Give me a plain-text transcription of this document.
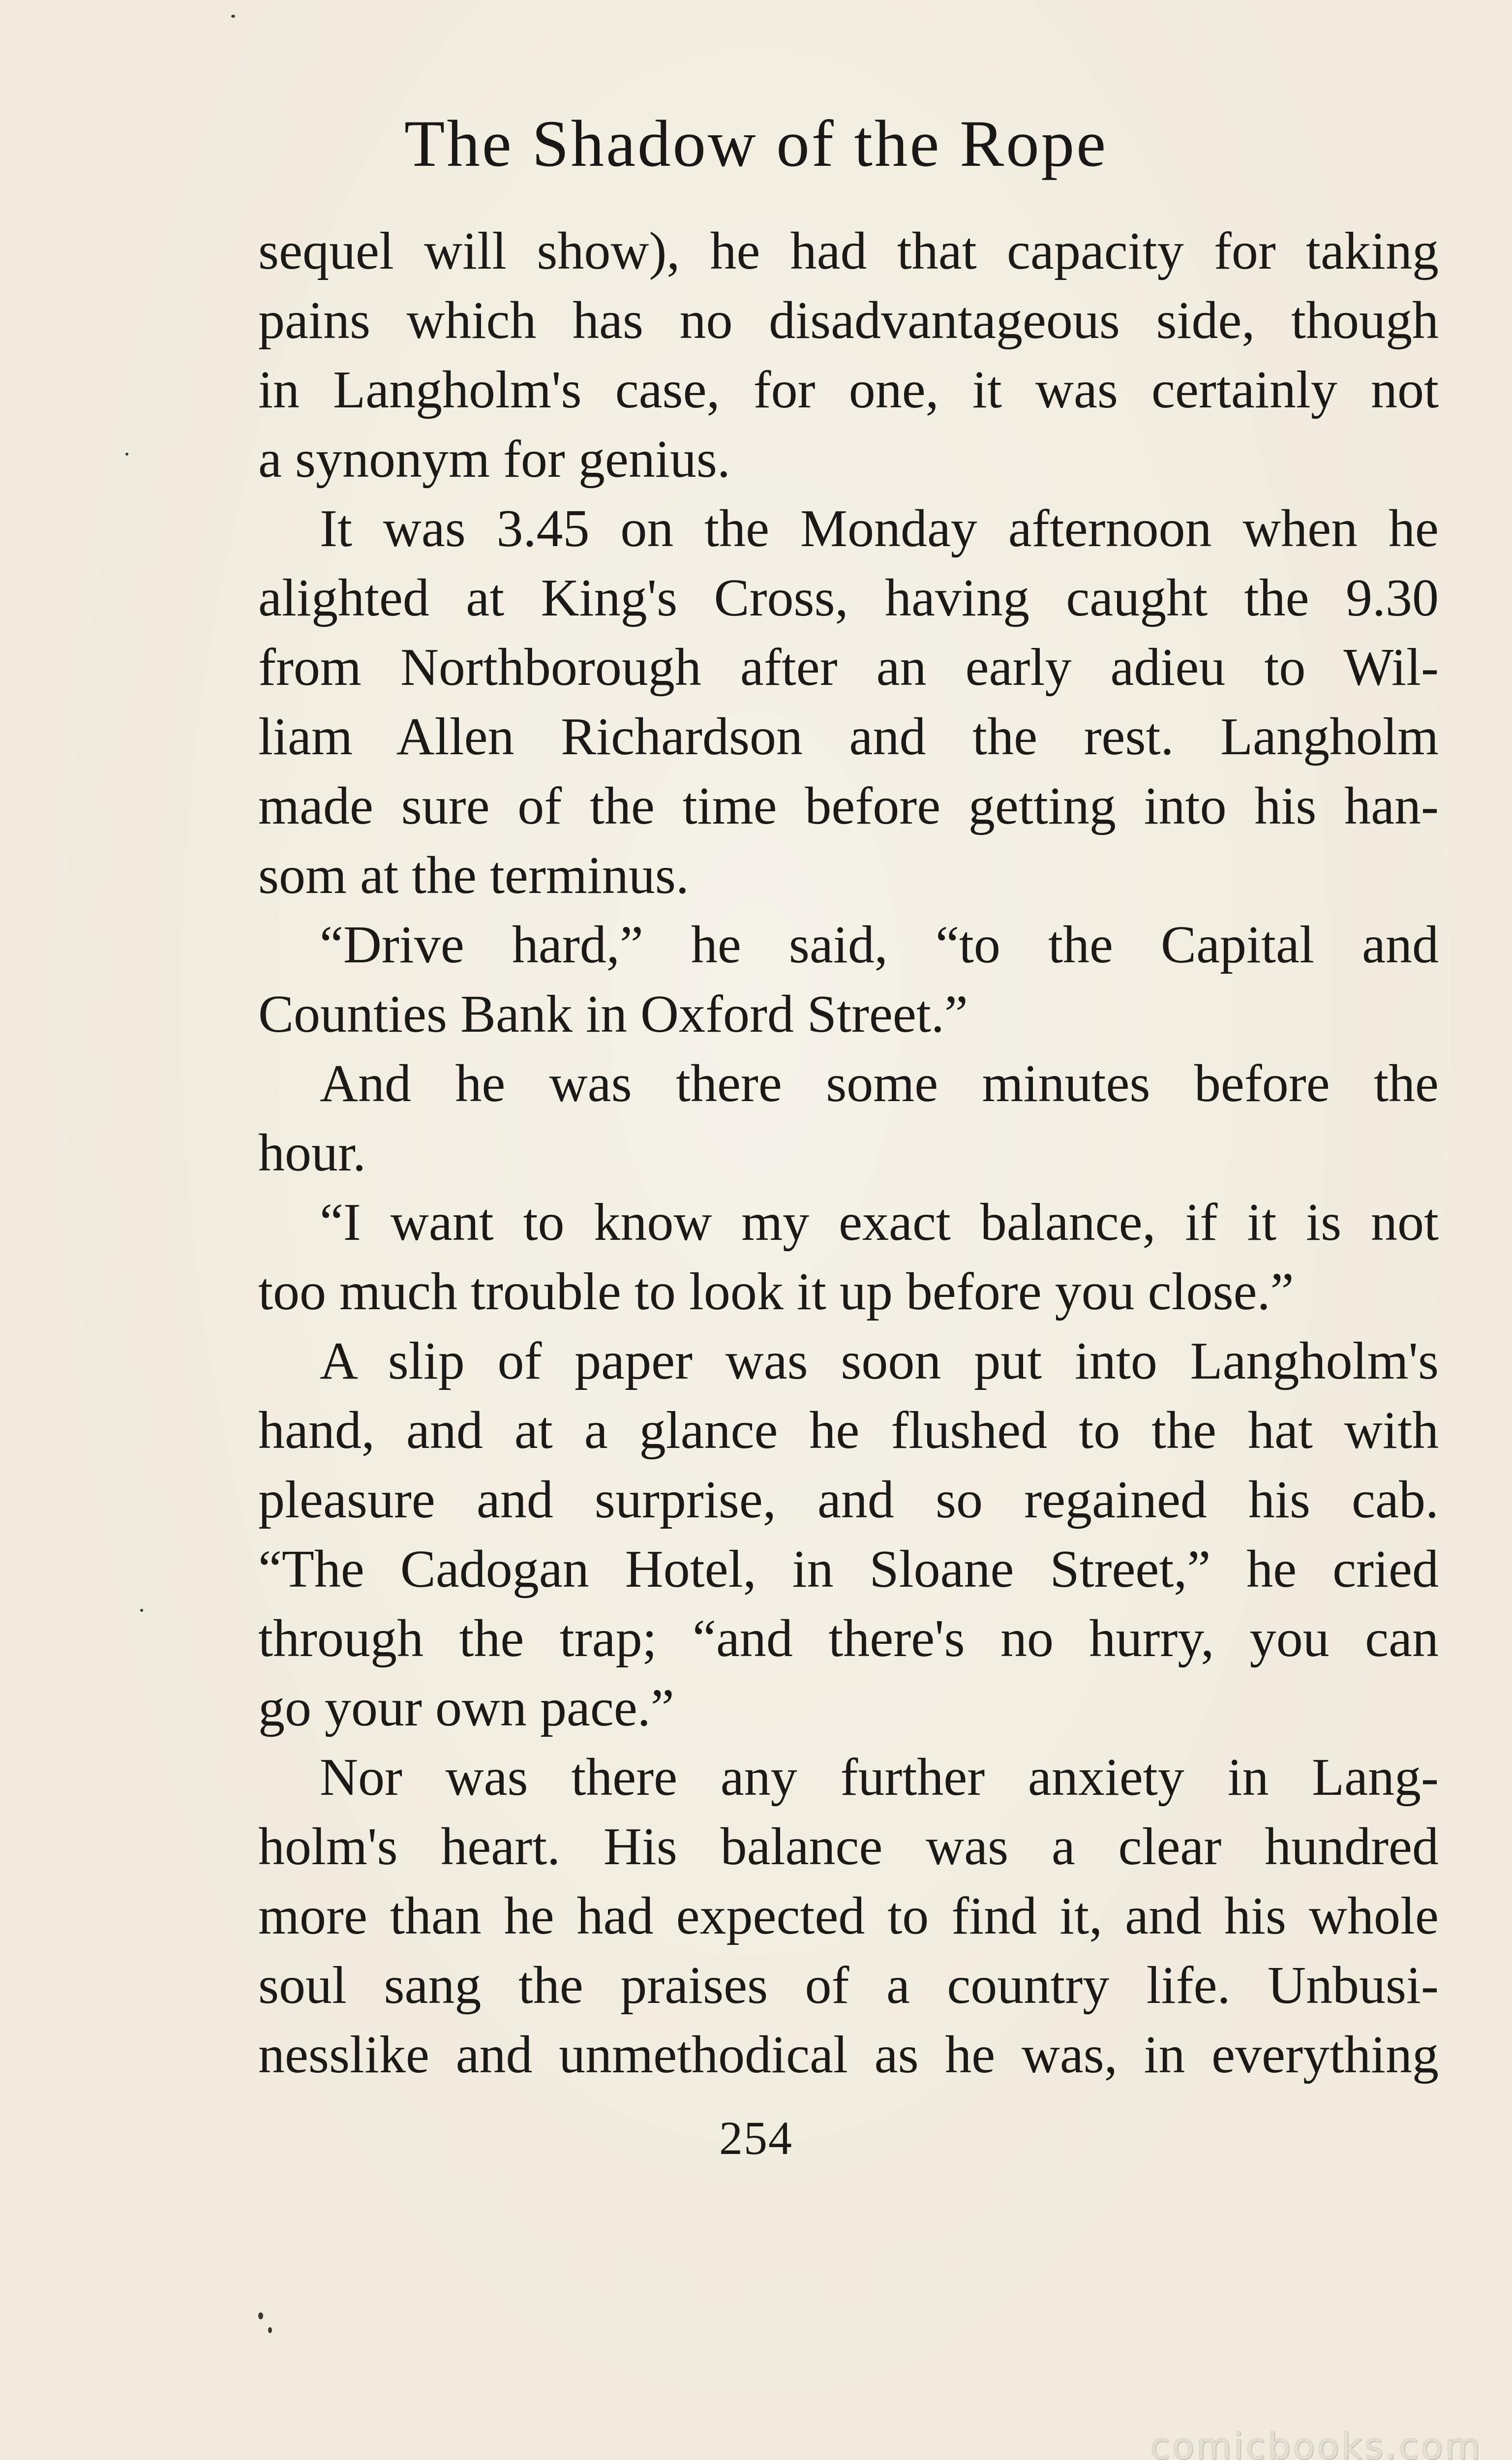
The Shadow of the Rope
sequel will show), he had that capacity for taking
pains which has no disadvantageous side, though
in Langholm's case, for one, it was certainly not
a synonym for genius.
It was 3.45 on the Monday afternoon when he
alighted at King's Cross, having caught the 9.30
from Northborough after an early adieu to Wil-
liam Allen Richardson and the rest. Langholm
made sure of the time before getting into his han-
som at the terminus.
“Drive hard,” he said, “to the Capital and
Counties Bank in Oxford Street.”
And he was there some minutes before the
hour.
“I want to know my exact balance, if it is not
too much trouble to look it up before you close.”
A slip of paper was soon put into Langholm's
hand, and at a glance he flushed to the hat with
pleasure and surprise, and so regained his cab.
“The Cadogan Hotel, in Sloane Street,” he cried
through the trap; “and there's no hurry, you can
go your own pace.”
Nor was there any further anxiety in Lang-
holm's heart. His balance was a clear hundred
more than he had expected to find it, and his whole
soul sang the praises of a country life. Unbusi-
nesslike and unmethodical as he was, in everything
254
comicbooks.com
